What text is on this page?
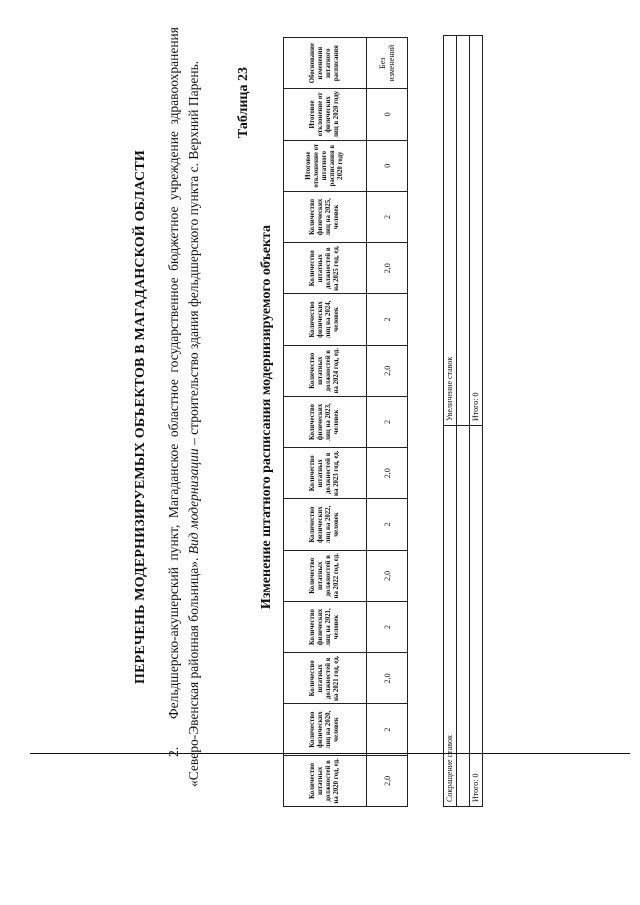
ПЕРЕЧЕНЬ МОДЕРНИЗИРУЕМЫХ ОБЪЕКТОВ В МАГАДАНСКОЙ ОБЛАСТИ
2.Фельдшерско-акушерский пункт, Магаданское областное государственное бюджетное учреждение здравоохранения «Северо-Эвенская районная больница». Вид модернизации – строительство здания фельдшерского пункта с. Верхний Парень.	Таблица 23
Изменение штатного расписания модернизируемого объекта
Количество штатных должностей в на 2020 год, ед.	Количество физических лиц на 2020, человек	Количество штатных должностей в на 2021 год, ед.	Количество физических лиц на 2021, человек	Количество штатных должностей в на 2022 год, ед.	Количество физических лиц на 2022, человек	Количество штатных должностей в на 2023 год, ед.	Количество физических лиц на 2023, человек	Количество штатных должностей в на 2024 год, ед.	Количество физических лиц на 2024, человек	Количество штатных должностей в на 2025 год, ед.	Количество физических лиц на 2025, человек	Итоговое отклонение от штатного расписания в 2020 году	Итоговое отклонение от физических лиц в 2020 году	Обоснование изменения штатного расписания
2,0	2	2,0	2	2,0	2	2,0	2	2,0	2	2,0	2	0	0	Без изменений
Сокращение ставок	Итого: 0
Увеличение ставок	Итого: 0
